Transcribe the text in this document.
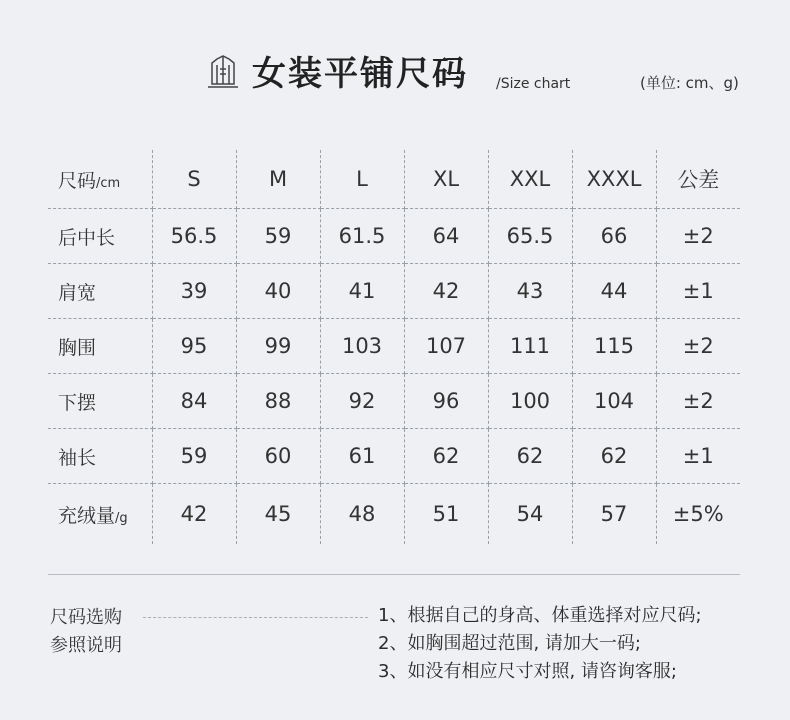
女装平铺尺码 /Size chart	(单位: cm、g)
尺码/cm	S	M	L	XL	XXL	XXXL	公差
后中长	56.5	59	61.5	64	65.5	66	±2
肩宽	39	40	41	42	43	44	±1
胸围	95	99	103	107	111	115	±2
下摆	84	88	92	96	100	104	±2
袖长	59	60	61	62	62	62	±1
充绒量/g	42	45	48	51	54	57	±5%
尺码选购
参照说明
1、根据自己的身高、体重选择对应尺码;
2、如胸围超过范围, 请加大一码;
3、如没有相应尺寸对照, 请咨询客服;
